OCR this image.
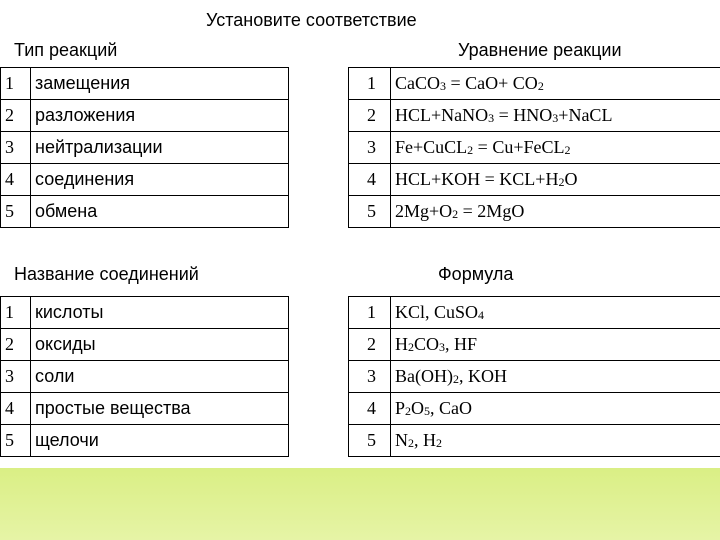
Установите соответствие
Тип реакций	Уравнение реакции
1	замещения		1	CaCO3 = CaO+ CO2
2	разложения		2	HCL+NaNO3 = HNO3+NaCL
3	нейтрализации		3	Fe+CuCL2 = Cu+FeCL2
4	соединения		4	HCL+KOH = KCL+H2O
5	обмена		5	2Mg+O2 = 2MgO
Название соединений	Формула
1	кислоты		1	KCl, CuSO4
2	оксиды		2	H2CO3, HF
3	соли		3	Ba(OH)2, KOH
4	простые вещества		4	P2O5, CaO
5	щелочи		5	N2, H2
